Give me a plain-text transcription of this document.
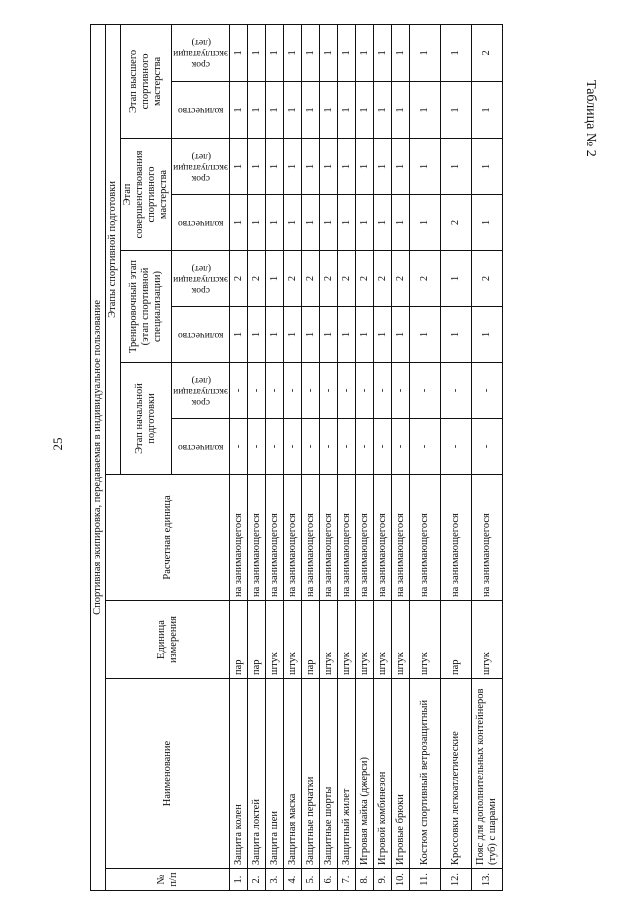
25
Таблица № 2
Спортивная экипировка, передаваемая в индивидуальное пользование											
№ п/п	Наименование	Единица измерения	Расчетная единица	Этапы спортивной подготовки							
				Этап начальной подготовки		Тренировочный этап (этап спортивной специализации)		Этап совершенствования спортивного мастерства		Этап высшего спортивного мастерства	

				количество	срок эксплуатации (лет)	количество	срок эксплуатации (лет)	количество	срок эксплуатации (лет)	количество	срок эксплуатации (лет)

1.	Защита колен	пар	на занимающегося	-	-	1	2	1	1	1	1
2.	Защита локтей	пар	на занимающегося	-	-	1	2	1	1	1	1
3.	Защита шеи	штук	на занимающегося	-	-	1	1	1	1	1	1
4.	Защитная маска	штук	на занимающегося	-	-	1	2	1	1	1	1
5.	Защитные перчатки	пар	на занимающегося	-	-	1	2	1	1	1	1
6.	Защитные шорты	штук	на занимающегося	-	-	1	2	1	1	1	1
7.	Защитный жилет	штук	на занимающегося	-	-	1	2	1	1	1	1
8.	Игровая майка (джерси)	штук	на занимающегося	-	-	1	2	1	1	1	1
9.	Игровой комбинезон	штук	на занимающегося	-	-	1	2	1	1	1	1
10.	Игровые брюки	штук	на занимающегося	-	-	1	2	1	1	1	1
11.	Костюм спортивный ветрозащитный	штук	на занимающегося	-	-	1	2	1	1	1	1
12.	Кроссовки легкоатлетические	пар	на занимающегося	-	-	1	1	2	1	1	1
13.	Пояс для дополнительных контейнеров (туб) с шарами	штук	на занимающегося	-	-	1	2	1	1	1	2
